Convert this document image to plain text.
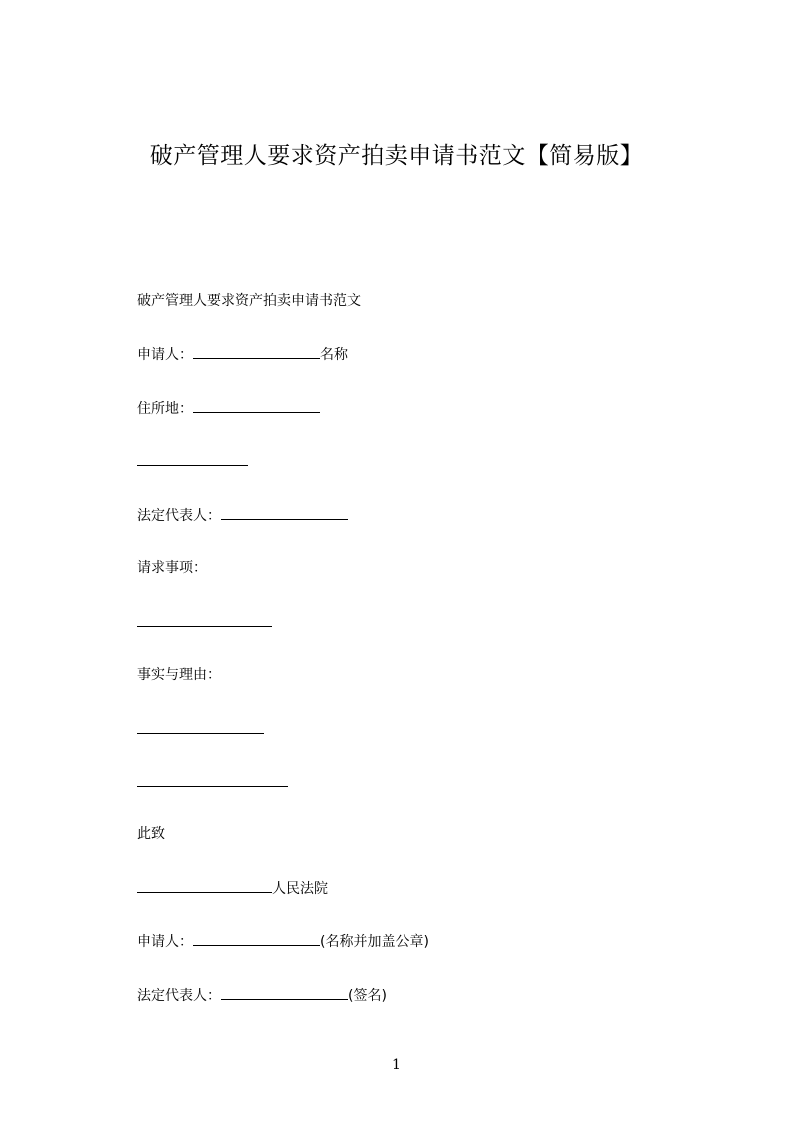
破产管理人要求资产拍卖申请书范文【简易版】
破产管理人要求资产拍卖申请书范文
申请人：	名称
住所地：
法定代表人：
请求事项：
事实与理由：
此致
人民法院
申请人：	(名称并加盖公章)
法定代表人：	(签名)
1
